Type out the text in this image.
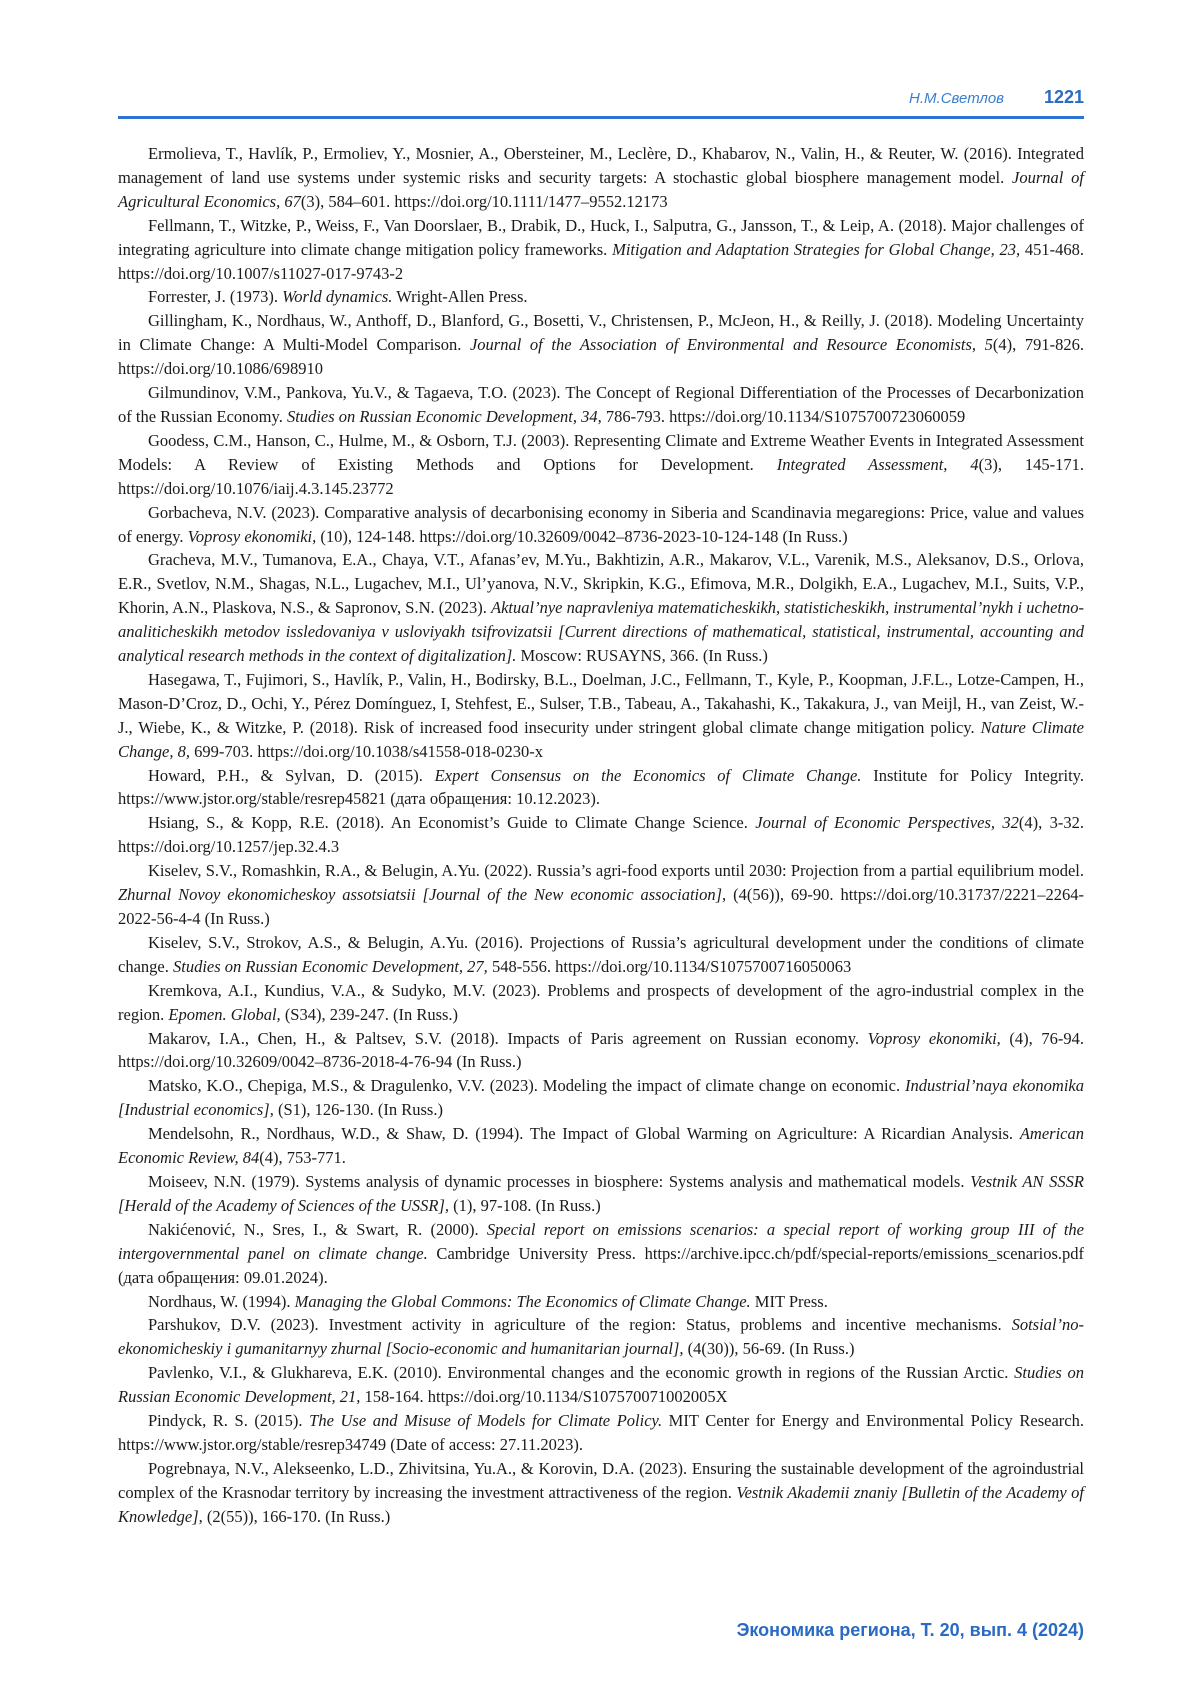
Н.М.Светлов 1221

Ermolieva, T., Havlík, P., Ermoliev, Y., Mosnier, A., Obersteiner, M., Leclère, D., Khabarov, N., Valin, H., & Reuter, W. (2016). Integrated management of land use systems under systemic risks and security targets: A stochastic global biosphere management model. Journal of Agricultural Economics, 67(3), 584–601. https://doi.org/10.1111/1477–9552.12173

Fellmann, T., Witzke, P., Weiss, F., Van Doorslaer, B., Drabik, D., Huck, I., Salputra, G., Jansson, T., & Leip, A. (2018). Major challenges of integrating agriculture into climate change mitigation policy frameworks. Mitigation and Adaptation Strategies for Global Change, 23, 451-468. https://doi.org/10.1007/s11027-017-9743-2

Forrester, J. (1973). World dynamics. Wright-Allen Press.

Gillingham, K., Nordhaus, W., Anthoff, D., Blanford, G., Bosetti, V., Christensen, P., McJeon, H., & Reilly, J. (2018). Modeling Uncertainty in Climate Change: A Multi-Model Comparison. Journal of the Association of Environmental and Resource Economists, 5(4), 791-826. https://doi.org/10.1086/698910

Gilmundinov, V.M., Pankova, Yu.V., & Tagaeva, T.O. (2023). The Concept of Regional Differentiation of the Processes of Decarbonization of the Russian Economy. Studies on Russian Economic Development, 34, 786-793. https://doi.org/10.1134/S1075700723060059

Goodess, C.M., Hanson, C., Hulme, M., & Osborn, T.J. (2003). Representing Climate and Extreme Weather Events in Integrated Assessment Models: A Review of Existing Methods and Options for Development. Integrated Assessment, 4(3), 145-171. https://doi.org/10.1076/iaij.4.3.145.23772

Gorbacheva, N.V. (2023). Comparative analysis of decarbonising economy in Siberia and Scandinavia megaregions: Price, value and values of energy. Voprosy ekonomiki, (10), 124-148. https://doi.org/10.32609/0042–8736-2023-10-124-148 (In Russ.)

Gracheva, M.V., Tumanova, E.A., Chaya, V.T., Afanas’ev, M.Yu., Bakhtizin, A.R., Makarov, V.L., Varenik, M.S., Aleksanov, D.S., Orlova, E.R., Svetlov, N.M., Shagas, N.L., Lugachev, M.I., Ul’yanova, N.V., Skripkin, K.G., Efimova, M.R., Dolgikh, E.A., Lugachev, M.I., Suits, V.P., Khorin, A.N., Plaskova, N.S., & Sapronov, S.N. (2023). Aktual’nye napravleniya matematicheskikh, statisticheskikh, instrumental’nykh i uchetno-analiticheskikh metodov issledovaniya v usloviyakh tsifrovizatsii [Current directions of mathematical, statistical, instrumental, accounting and analytical research methods in the context of digitalization]. Moscow: RUSAYNS, 366. (In Russ.)

Hasegawa, T., Fujimori, S., Havlík, P., Valin, H., Bodirsky, B.L., Doelman, J.C., Fellmann, T., Kyle, P., Koopman, J.F.L., Lotze-Campen, H., Mason-D’Croz, D., Ochi, Y., Pérez Domínguez, I, Stehfest, E., Sulser, T.B., Tabeau, A., Takahashi, K., Takakura, J., van Meijl, H., van Zeist, W.-J., Wiebe, K., & Witzke, P. (2018). Risk of increased food insecurity under stringent global climate change mitigation policy. Nature Climate Change, 8, 699-703. https://doi.org/10.1038/s41558-018-0230-x

Howard, P.H., & Sylvan, D. (2015). Expert Consensus on the Economics of Climate Change. Institute for Policy Integrity. https://www.jstor.org/stable/resrep45821 (дата обращения: 10.12.2023).

Hsiang, S., & Kopp, R.E. (2018). An Economist’s Guide to Climate Change Science. Journal of Economic Perspectives, 32(4), 3-32. https://doi.org/10.1257/jep.32.4.3

Kiselev, S.V., Romashkin, R.A., & Belugin, A.Yu. (2022). Russia’s agri-food exports until 2030: Projection from a partial equilibrium model. Zhurnal Novoy ekonomicheskoy assotsiatsii [Journal of the New economic association], (4(56)), 69-90. https://doi.org/10.31737/2221–2264-2022-56-4-4 (In Russ.)

Kiselev, S.V., Strokov, A.S., & Belugin, A.Yu. (2016). Projections of Russia’s agricultural development under the conditions of climate change. Studies on Russian Economic Development, 27, 548-556. https://doi.org/10.1134/S1075700716050063

Kremkova, A.I., Kundius, V.A., & Sudyko, M.V. (2023). Problems and prospects of development of the agro-industrial complex in the region. Epomen. Global, (S34), 239-247. (In Russ.)

Makarov, I.A., Chen, H., & Paltsev, S.V. (2018). Impacts of Paris agreement on Russian economy. Voprosy ekonomiki, (4), 76-94. https://doi.org/10.32609/0042–8736-2018-4-76-94 (In Russ.)

Matsko, K.O., Chepiga, M.S., & Dragulenko, V.V. (2023). Modeling the impact of climate change on economic. Industrial’naya ekonomika [Industrial economics], (S1), 126-130. (In Russ.)

Mendelsohn, R., Nordhaus, W.D., & Shaw, D. (1994). The Impact of Global Warming on Agriculture: A Ricardian Analysis. American Economic Review, 84(4), 753-771.

Moiseev, N.N. (1979). Systems analysis of dynamic processes in biosphere: Systems analysis and mathematical models. Vestnik AN SSSR [Herald of the Academy of Sciences of the USSR], (1), 97-108. (In Russ.)

Nakićenović, N., Sres, I., & Swart, R. (2000). Special report on emissions scenarios: a special report of working group III of the intergovernmental panel on climate change. Cambridge University Press. https://archive.ipcc.ch/pdf/special-reports/emissions_scenarios.pdf (дата обращения: 09.01.2024).

Nordhaus, W. (1994). Managing the Global Commons: The Economics of Climate Change. MIT Press.

Parshukov, D.V. (2023). Investment activity in agriculture of the region: Status, problems and incentive mechanisms. Sotsial’no-ekonomicheskiy i gumanitarnyy zhurnal [Socio-economic and humanitarian journal], (4(30)), 56-69. (In Russ.)

Pavlenko, V.I., & Glukhareva, E.K. (2010). Environmental changes and the economic growth in regions of the Russian Arctic. Studies on Russian Economic Development, 21, 158-164. https://doi.org/10.1134/S107570071002005X

Pindyck, R. S. (2015). The Use and Misuse of Models for Climate Policy. MIT Center for Energy and Environmental Policy Research. https://www.jstor.org/stable/resrep34749 (Date of access: 27.11.2023).

Pogrebnaya, N.V., Alekseenko, L.D., Zhivitsina, Yu.A., & Korovin, D.A. (2023). Ensuring the sustainable development of the agroindustrial complex of the Krasnodar territory by increasing the investment attractiveness of the region. Vestnik Akademii znaniy [Bulletin of the Academy of Knowledge], (2(55)), 166-170. (In Russ.)

Экономика региона, Т. 20, вып. 4 (2024)
